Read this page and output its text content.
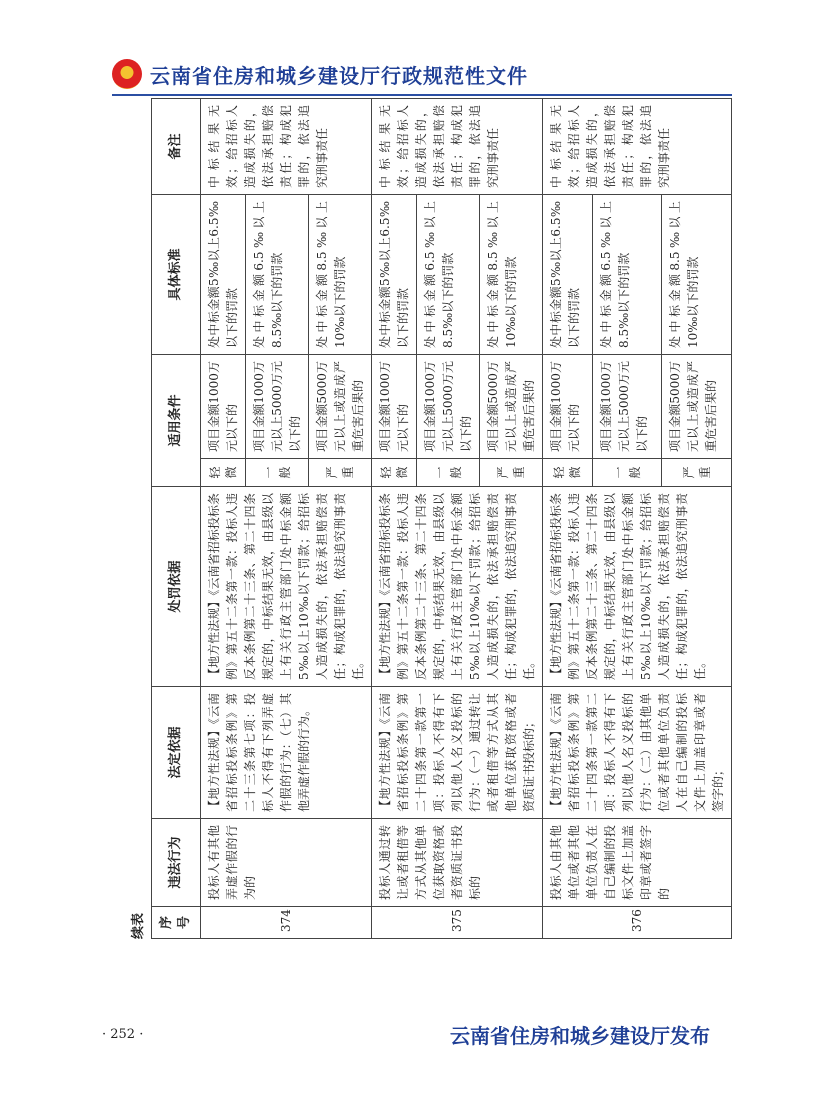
云南省住房和城乡建设厅行政规范性文件
续表	序号	违法行为	法定依据	处罚依据	适用条件		具体标准	备注
374	投标人有其他弄虚作假的行为的	【地方性法规】《云南省招标投标条例》第二十三条第七项：投标人不得有下列弄虚作假的行为：（七）其他弄虚作假的行为。	【地方性法规】《云南省招标投标条例》第五十二条第一款：投标人违反本条例第二十三条、第二十四条规定的，中标结果无效，由县级以上有关行政主管部门处中标金额5‰以上10‰以下罚款；给招标人造成损失的，依法承担赔偿责任；构成犯罪的，依法追究刑事责任。	轻微	项目金额1000万元以下的	处中标金额5‰以上6.5‰以下的罚款	中标结果无效；给招标人造成损失的，依法承担赔偿责任；构成犯罪的，依法追究刑事责任
				一般	项目金额1000万元以上5000万元以下的	处中标金额6.5‰以上8.5‰以下的罚款	
				严重	项目金额5000万元以上或造成严重危害后果的	处中标金额8.5‰以上10‰以下的罚款	
375	投标人通过转让或者租借等方式从其他单位获取资格或者资质证书投标的	【地方性法规】《云南省招标投标条例》第二十四条第一款第一项：投标人不得有下列以他人名义投标的行为：（一）通过转让或者租借等方式从其他单位获取资格或者资质证书投标的；	【地方性法规】《云南省招标投标条例》第五十二条第一款：投标人违反本条例第二十三条、第二十四条规定的，中标结果无效，由县级以上有关行政主管部门处中标金额5‰以上10‰以下罚款；给招标人造成损失的，依法承担赔偿责任；构成犯罪的，依法追究刑事责任。	轻微	项目金额1000万元以下的	处中标金额5‰以上6.5‰以下的罚款	中标结果无效；给招标人造成损失的，依法承担赔偿责任；构成犯罪的，依法追究刑事责任
				一般	项目金额1000万元以上5000万元以下的	处中标金额6.5‰以上8.5‰以下的罚款	
				严重	项目金额5000万元以上或造成严重危害后果的	处中标金额8.5‰以上10‰以下的罚款	
376	投标人由其他单位或者其他单位负责人在自己编制的投标文件上加盖印章或者签字的	【地方性法规】《云南省招标投标条例》第二十四条第一款第二项：投标人不得有下列以他人名义投标的行为：（二）由其他单位或者其他单位负责人在自己编制的投标文件上加盖印章或者签字的；	【地方性法规】《云南省招标投标条例》第五十二条第一款：投标人违反本条例第二十三条、第二十四条规定的，中标结果无效，由县级以上有关行政主管部门处中标金额5‰以上10‰以下罚款；给招标人造成损失的，依法承担赔偿责任；构成犯罪的，依法追究刑事责任。	轻微	项目金额1000万元以下的	处中标金额5‰以上6.5‰以下的罚款	中标结果无效；给招标人造成损失的，依法承担赔偿责任；构成犯罪的，依法追究刑事责任
				一般	项目金额1000万元以上5000万元以下的	处中标金额6.5‰以上8.5‰以下的罚款	
				严重	项目金额5000万元以上或造成严重危害后果的	处中标金额8.5‰以上10‰以下的罚款	
· 252 ·	云南省住房和城乡建设厅发布
